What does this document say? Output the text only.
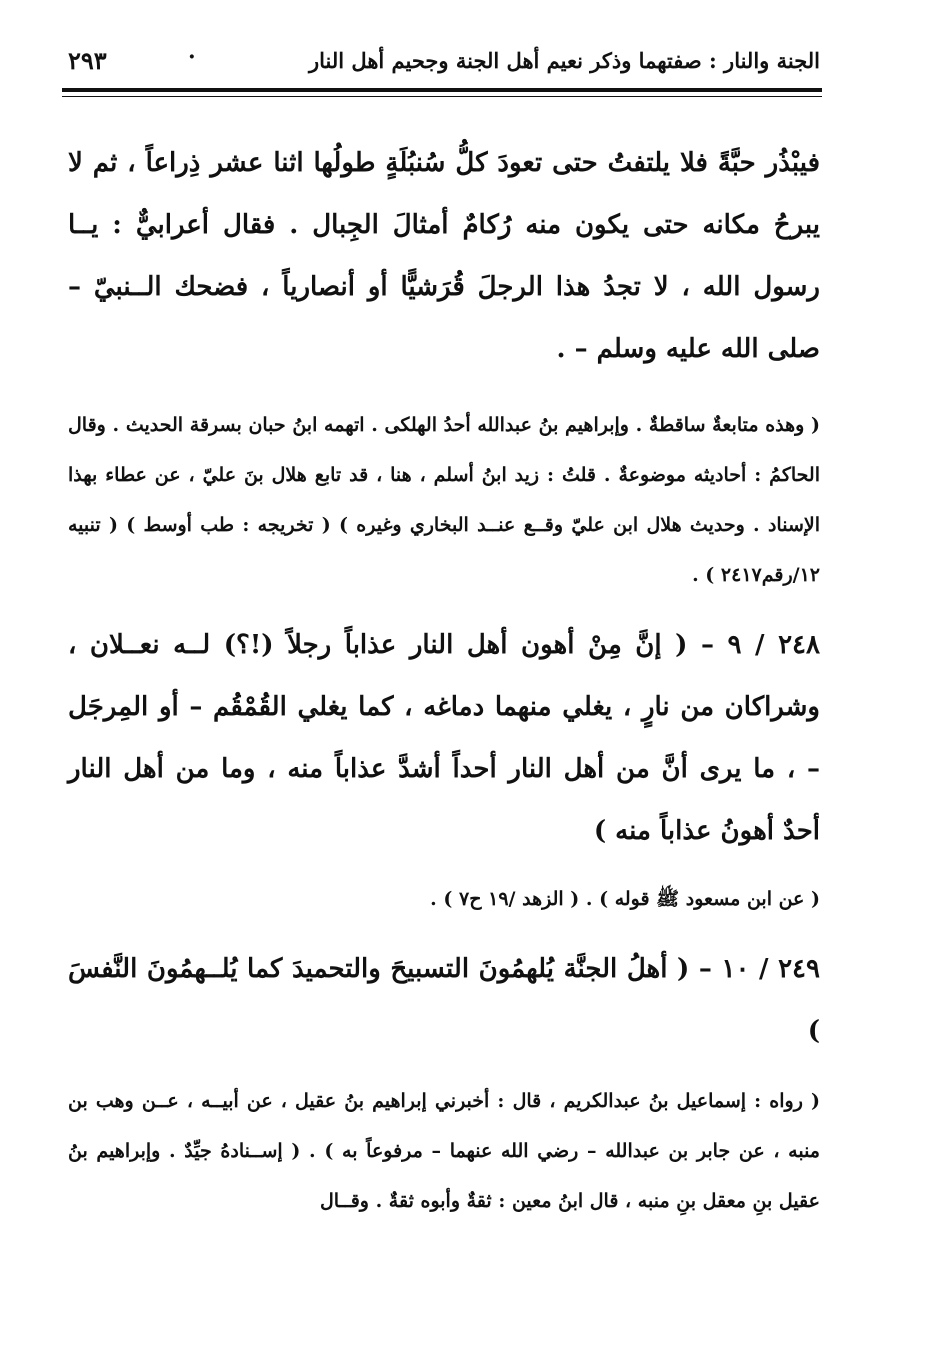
الجنة والنار : صفتهما وذكر نعيم أهل الجنة وجحيم أهل النار
·
٢٩٣

فيبْذُر حبَّةً فلا يلتفتُ حتى تعودَ كلُّ سُنبُلَةٍ طولُها اثنا عشر ذِراعاً ، ثم لا يبرحُ مكانه حتى يكون منه رُكامٌ أمثالَ الجِبال . فقال أعرابيٌّ : يــا رسول الله ، لا تجدُ هذا الرجلَ قُرَشيًّا أو أنصارياً ، فضحك الــنبيّ – صلى الله عليه وسلم – .

( وهذه متابعةٌ ساقطةٌ . وإبراهيم بنُ عبدالله أحدُ الهلكى . اتهمه ابنُ حبان بسرقة الحديث . وقال الحاكمُ : أحاديثه موضوعةٌ . قلتُ : زيد ابنُ أسلم ، هنا ، قد تابع هلال بنَ عليّ ، عن عطاء بهذا الإسناد . وحديث هلال ابن عليّ وقــع عنــد البخاري وغيره ) ( تخريجه : طب أوسط ) ( تنبيه ١٢/رقم٢٤١٧ ) .

٢٤٨ / ٩ – ( إنَّ مِنْ أهون أهل النار عذاباً رجلاً (!؟) لــه نعــلان ، وشراكان من نارٍ ، يغلي منهما دماغه ، كما يغلي القُمْقُم – أو المِرجَل – ، ما يرى أنَّ من أهل النار أحداً أشدَّ عذاباً منه ، وما من أهل النار أحدٌ أهونُ عذاباً منه )

( عن ابن مسعود ﷺ قوله ) . ( الزهد /١٩ ح٧ ) .

٢٤٩ / ١٠ – ( أهلُ الجنَّة يُلهمُونَ التسبيحَ والتحميدَ كما يُلــهمُونَ النَّفسَ )

( رواه : إسماعيل بنُ عبدالكريم ، قال : أخبرني إبراهيم بنُ عقيل ، عن أبيــه ، عــن وهب بن منبه ، عن جابر بن عبدالله – رضي الله عنهما – مرفوعاً به ) . ( إســنادهُ جيِّدٌ . وإبراهيم بنُ عقيل بنِ معقل بنِ منبه ، قال ابنُ معين : ثقةٌ وأبوه ثقةٌ . وقــال
